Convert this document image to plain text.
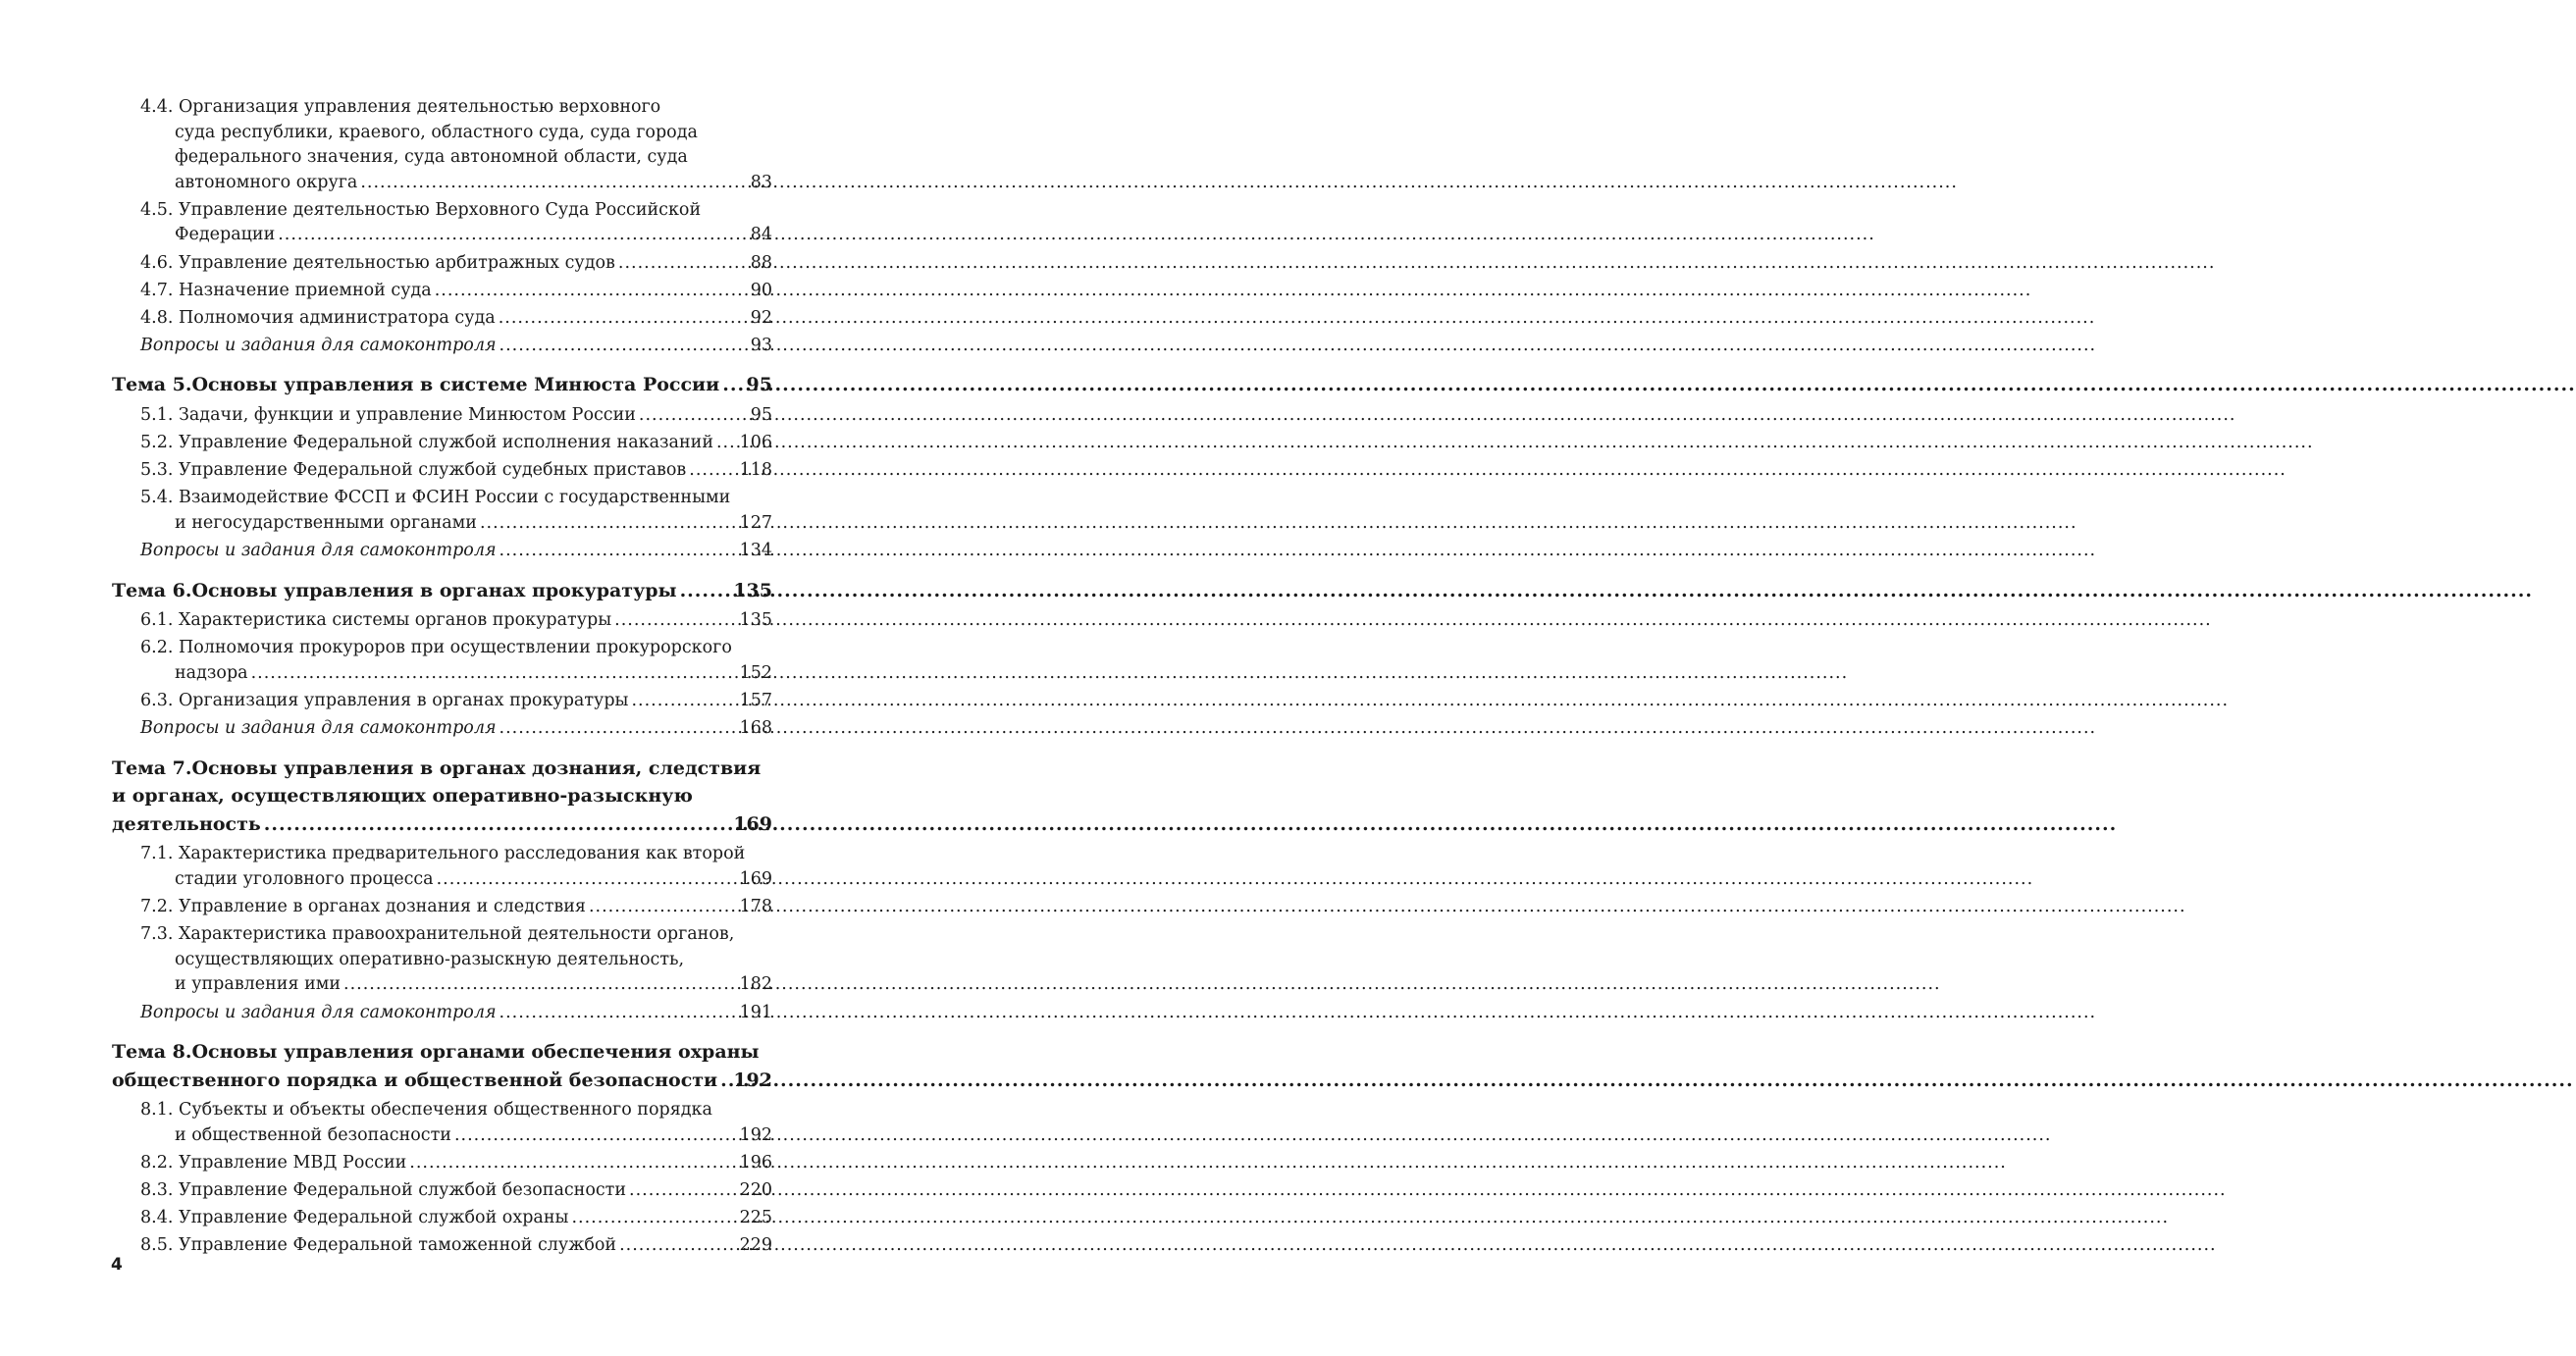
4.4. Организация управления деятельностью верховного
суда республики, краевого, областного суда, суда города
федерального значения, суда автономной области, суда
автономного округа .....	83
4.5. Управление деятельностью Верховного Суда Российской
Федерации .....	84
4.6. Управление деятельностью арбитражных судов .....	88
4.7. Назначение приемной суда .....	90
4.8. Полномочия администратора суда .....	92
Вопросы и задания для самоконтроля .....	93
Тема 5.Основы управления в системе Минюста России ..... 95
5.1. Задачи, функции и управление Минюстом России .....	95
5.2. Управление Федеральной службой исполнения наказаний ..... 106
5.3. Управление Федеральной службой судебных приставов .....	118
5.4. Взаимодействие ФССП и ФСИН России с государственными
и негосударственными органами .....	127
Вопросы и задания для самоконтроля .....	134
Тема 6.Основы управления в органах прокуратуры .....	135
6.1. Характеристика системы органов прокуратуры .....	135
6.2. Полномочия прокуроров при осуществлении прокурорского
надзора .....	152
6.3. Организация управления в органах прокуратуры .....	157
Вопросы и задания для самоконтроля .....	168
Тема 7.Основы управления в органах дознания, следствия
и органах, осуществляющих оперативно-разыскную
деятельность .....	169
7.1. Характеристика предварительного расследования как второй
стадии уголовного процесса .....	169
7.2. Управление в органах дознания и следствия .....	178
7.3. Характеристика правоохранительной деятельности органов,
осуществляющих оперативно-разыскную деятельность,
и управления ими .....	182
Вопросы и задания для самоконтроля .....	191
Тема 8.Основы управления органами обеспечения охраны
общественного порядка и общественной безопасности ..... 192
8.1. Субъекты и объекты обеспечения общественного порядка
и общественной безопасности .....	192
8.2. Управление МВД России .....	196
8.3. Управление Федеральной службой безопасности .....	220
8.4. Управление Федеральной службой охраны .....	225
8.5. Управление Федеральной таможенной службой .....	229
4
